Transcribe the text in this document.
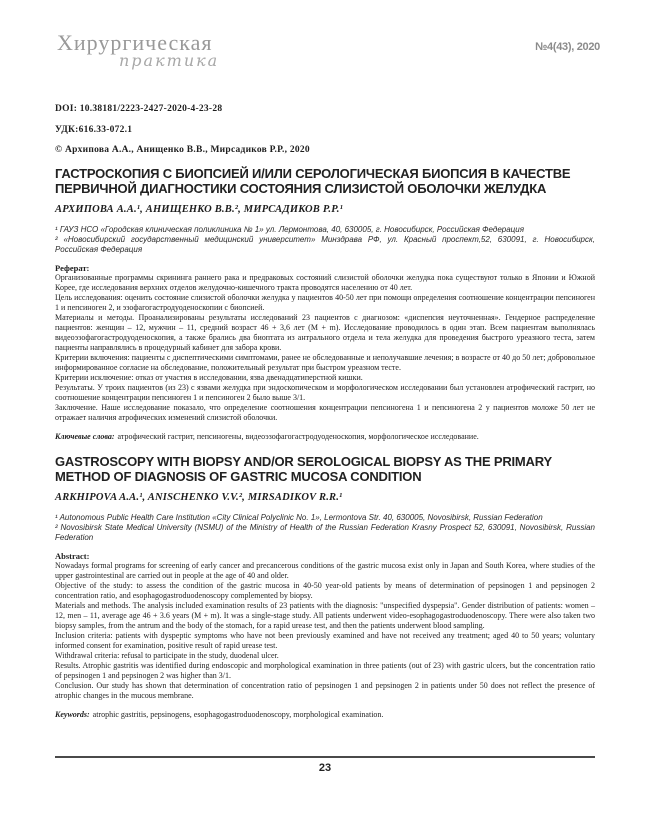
Хирургическая
практика
№4(43), 2020

DOI: 10.38181/2223-2427-2020-4-23-28

УДК:616.33-072.1

© Архипова А.А., Анищенко В.В., Мирсадиков Р.Р., 2020

ГАСТРОСКОПИЯ С БИОПСИЕЙ И/ИЛИ СЕРОЛОГИЧЕСКАЯ БИОПСИЯ В КАЧЕСТВЕ ПЕРВИЧНОЙ ДИАГНОСТИКИ СОСТОЯНИЯ СЛИЗИСТОЙ ОБОЛОЧКИ ЖЕЛУДКА

АРХИПОВА А.А.¹, АНИЩЕНКО В.В.², МИРСАДИКОВ Р.Р.¹

¹ ГАУЗ НСО «Городская клиническая поликлиника № 1» ул. Лермонтова, 40, 630005, г. Новосибирск, Российская Федерация

² «Новосибирский государственный медицинский университет» Минздрава РФ, ул. Красный проспект,52, 630091, г. Новосибирск, Российская Федерация

Реферат:

Организованные программы скрининга раннего рака и предраковых состояний слизистой оболочки желудка пока существуют только в Японии и Южной Корее, где исследования верхних отделов желудочно-кишечного тракта проводятся населению от 40 лет.

Цель исследования: оценить состояние слизистой оболочки желудка у пациентов 40-50 лет при помощи определения соотношение концентрации пепсиноген 1 и пепсиноген 2, и эзофагогастродуоденоскопии с биопсией.

Материалы и методы. Проанализированы результаты исследований 23 пациентов с диагнозом: «диспепсия неуточненная». Гендерное распределение пациентов: женщин – 12, мужчин – 11, средний возраст 46 + 3,6 лет (М + m). Исследование проводилось в один этап. Всем пациентам выполнялась видеоэзофагогастродуоденоскопия, а также брались два биоптата из антрального отдела и тела желудка для проведения быстрого уреазного теста, затем пациенты направлялись в процедурный кабинет для забора крови.

Критерии включения: пациенты с диспептическими симптомами, ранее не обследованные и неполучавшие лечения; в возрасте от 40 до 50 лет; добровольное информированное согласие на обследование, положительный результат при быстром уреазном тесте.

Критерии исключение: отказ от участия в исследовании, язва двенадцатиперстной кишки.

Результаты. У троих пациентов (из 23) с язвами желудка при эндоскопическом и морфологическом исследовании был установлен атрофический гастрит, но соотношение концентрации пепсиноген 1 и пепсиноген 2 было выше 3/1.

Заключение. Наше исследование показало, что определение соотношения концентрации пепсиногена 1 и пепсиногена 2 у пациентов моложе 50 лет не отражает наличия атрофических изменений слизистой оболочки.

Ключевые слова: атрофический гастрит, пепсиногены, видеоэзофагогастродуоденоскопия, морфологическое исследование.

GASTROSCOPY WITH BIOPSY AND/OR SEROLOGICAL BIOPSY AS THE PRIMARY METHOD OF DIAGNOSIS OF GASTRIC MUCOSA CONDITION

ARKHIPOVA A.A.¹, ANISCHENKO V.V.², MIRSADIKOV R.R.¹

¹ Autonomous Public Health Care Institution «City Clinical Polyclinic No. 1», Lermontova Str. 40, 630005, Novosibirsk, Russian Federation

² Novosibirsk State Medical University (NSMU) of the Ministry of Health of the Russian Federation Krasny Prospect 52, 630091, Novosibirsk, Russian Federation

Abstract:

Nowadays formal programs for screening of early cancer and precancerous conditions of the gastric mucosa exist only in Japan and South Korea, where studies of the upper gastrointestinal are carried out in people at the age of 40 and older.

Objective of the study: to assess the condition of the gastric mucosa in 40-50 year-old patients by means of determination of pepsinogen 1 and pepsinogen 2 concentration ratio, and esophagogastroduodenoscopy complemented by biopsy.

Materials and methods. The analysis included examination results of 23 patients with the diagnosis: "unspecified dyspepsia". Gender distribution of patients: women – 12, men – 11, average age 46 + 3.6 years (M + m). It was a single-stage study. All patients underwent video-esophagogastroduodenoscopy. There were also taken two biopsy samples, from the antrum and the body of the stomach, for a rapid urease test, and then the patients underwent blood sampling.

Inclusion criteria: patients with dyspeptic symptoms who have not been previously examined and have not received any treatment; aged 40 to 50 years; voluntary informed consent for examination, positive result of rapid urease test.

Withdrawal criteria: refusal to participate in the study, duodenal ulcer.

Results. Atrophic gastritis was identified during endoscopic and morphological examination in three patients (out of 23) with gastric ulcers, but the concentration ratio of pepsinogen 1 and pepsinogen 2 was higher than 3/1.

Conclusion. Our study has shown that determination of concentration ratio of pepsinogen 1 and pepsinogen 2 in patients under 50 does not reflect the presence of atrophic changes in the mucous membrane.

Keywords: atrophic gastritis, pepsinogens, esophagogastroduodenoscopy, morphological examination.

23
